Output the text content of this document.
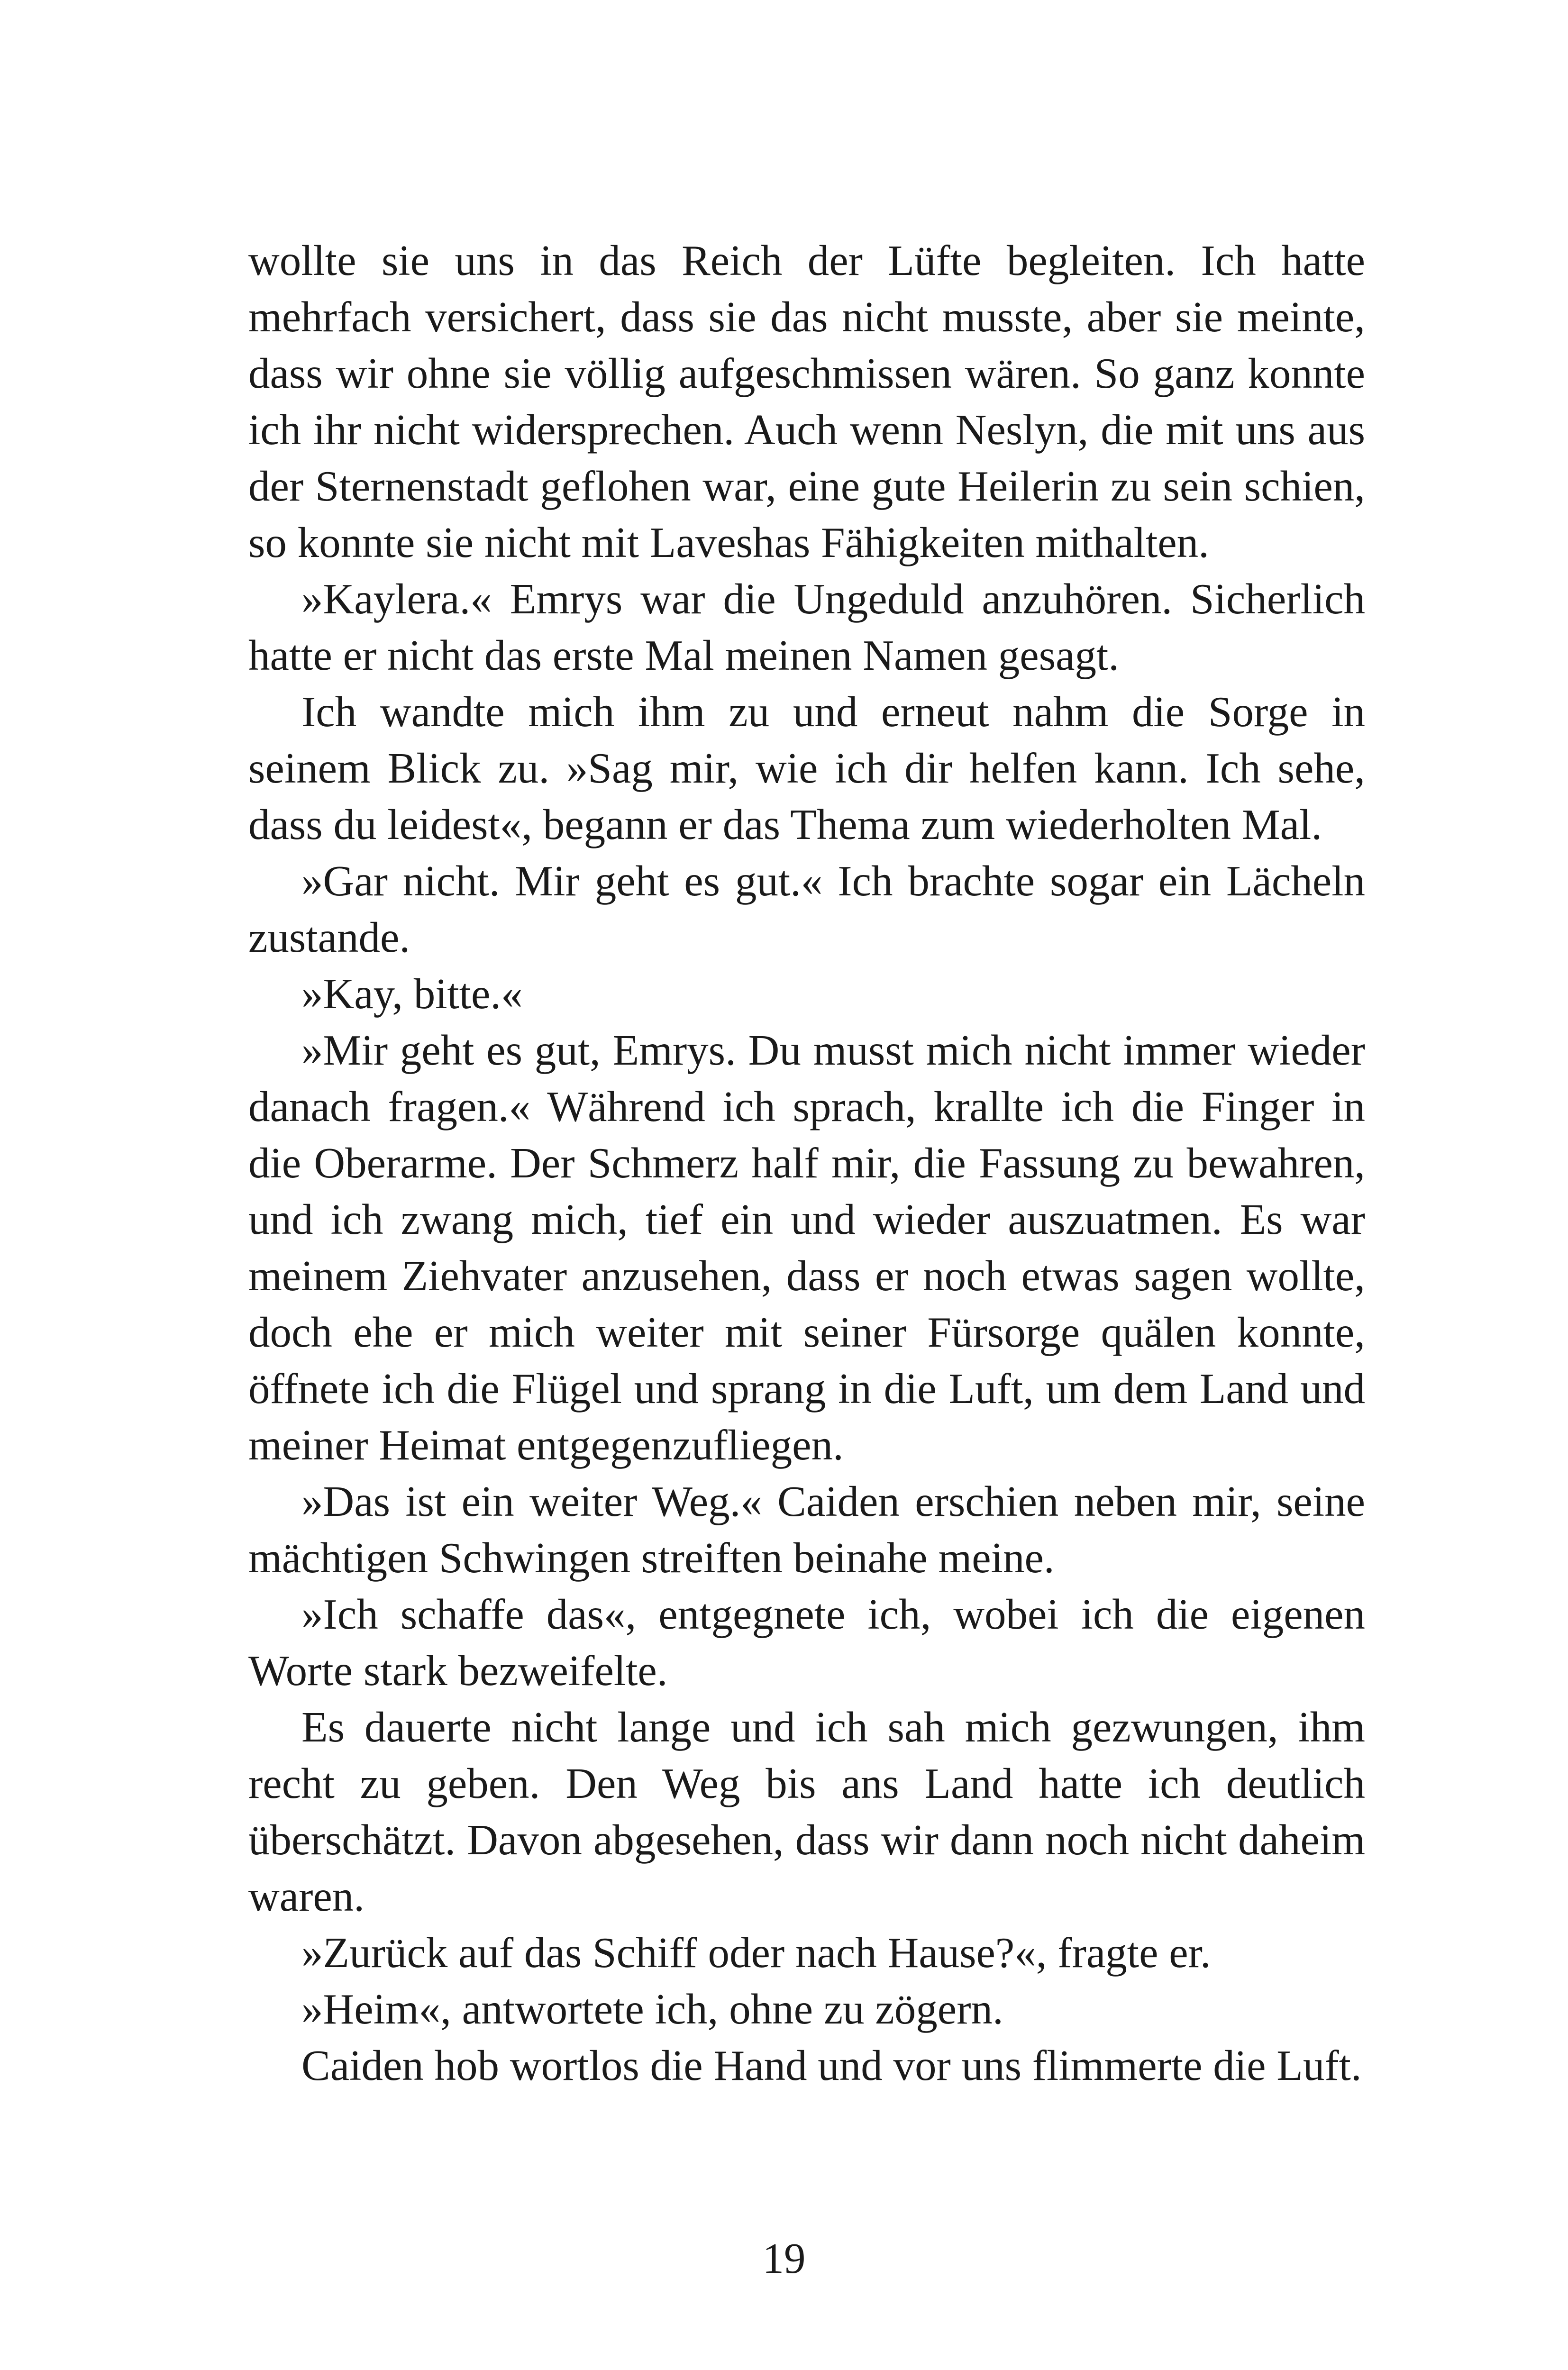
wollte sie uns in das Reich der Lüfte begleiten. Ich hatte mehrfach versichert, dass sie das nicht musste, aber sie meinte, dass wir ohne sie völlig aufgeschmissen wären. So ganz konnte ich ihr nicht widersprechen. Auch wenn Neslyn, die mit uns aus der Sternenstadt geflohen war, eine gute Heilerin zu sein schien, so konnte sie nicht mit Laveshas Fähigkeiten mithalten.

»Kaylera.« Emrys war die Ungeduld anzuhören. Sicherlich hatte er nicht das erste Mal meinen Namen gesagt.

Ich wandte mich ihm zu und erneut nahm die Sorge in seinem Blick zu. »Sag mir, wie ich dir helfen kann. Ich sehe, dass du leidest«, begann er das Thema zum wiederholten Mal.

»Gar nicht. Mir geht es gut.« Ich brachte sogar ein Lächeln zustande.

»Kay, bitte.«

»Mir geht es gut, Emrys. Du musst mich nicht immer wieder danach fragen.« Während ich sprach, krallte ich die Finger in die Oberarme. Der Schmerz half mir, die Fassung zu bewahren, und ich zwang mich, tief ein und wieder auszuatmen. Es war meinem Ziehvater anzusehen, dass er noch etwas sagen wollte, doch ehe er mich weiter mit seiner Fürsorge quälen konnte, öffnete ich die Flügel und sprang in die Luft, um dem Land und meiner Heimat entgegenzufliegen.

»Das ist ein weiter Weg.« Caiden erschien neben mir, seine mächtigen Schwingen streiften beinahe meine.

»Ich schaffe das«, entgegnete ich, wobei ich die eigenen Worte stark bezweifelte.

Es dauerte nicht lange und ich sah mich gezwungen, ihm recht zu geben. Den Weg bis ans Land hatte ich deutlich überschätzt. Davon abgesehen, dass wir dann noch nicht daheim waren.

»Zurück auf das Schiff oder nach Hause?«, fragte er.

»Heim«, antwortete ich, ohne zu zögern.

Caiden hob wortlos die Hand und vor uns flimmerte die Luft.

19
